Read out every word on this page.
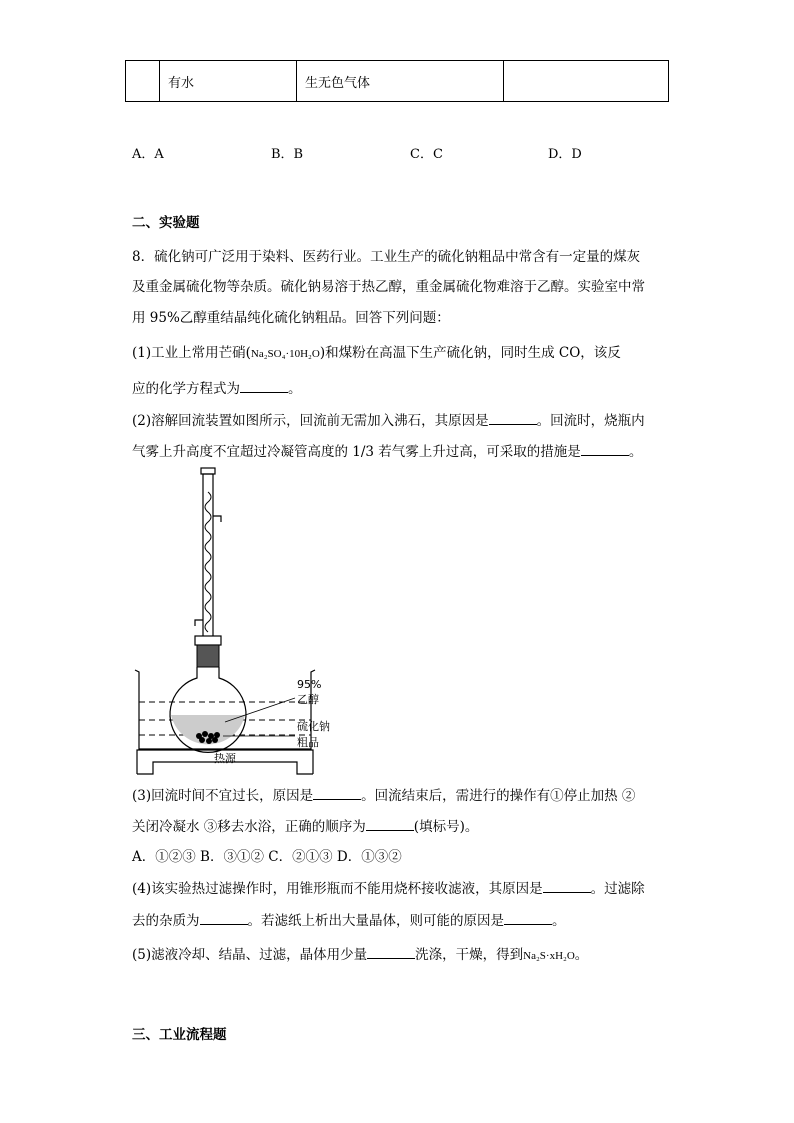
	有水	生无色气体	
A．A	B．B	C．C	D．D
二、实验题
8．硫化钠可广泛用于染料、医药行业。工业生产的硫化钠粗品中常含有一定量的煤灰
及重金属硫化物等杂质。硫化钠易溶于热乙醇，重金属硫化物难溶于乙醇。实验室中常
用 95%乙醇重结晶纯化硫化钠粗品。回答下列问题：
(1)工业上常用芒硝(Na₂SO₄·10H₂O)和煤粉在高温下生产硫化钠，同时生成 CO，该反
应的化学方程式为	。
(2)溶解回流装置如图所示，回流前无需加入沸石，其原因是	。回流时，烧瓶内
气雾上升高度不宜超过冷凝管高度的 1/3 若气雾上升过高，可采取的措施是	。
热源
95%
乙醇
硫化钠
粗品
(3)回流时间不宜过长，原因是	。回流结束后，需进行的操作有①停止加热 ②
关闭冷凝水 ③移去水浴，正确的顺序为	(填标号)。
A．①②③ B．③①② C．②①③ D．①③②
(4)该实验热过滤操作时，用锥形瓶而不能用烧杯接收滤液，其原因是	。过滤除
去的杂质为	。若滤纸上析出大量晶体，则可能的原因是	。
(5)滤液冷却、结晶、过滤，晶体用少量	洗涤，干燥，得到Na₂S·xH₂O。
三、工业流程题
